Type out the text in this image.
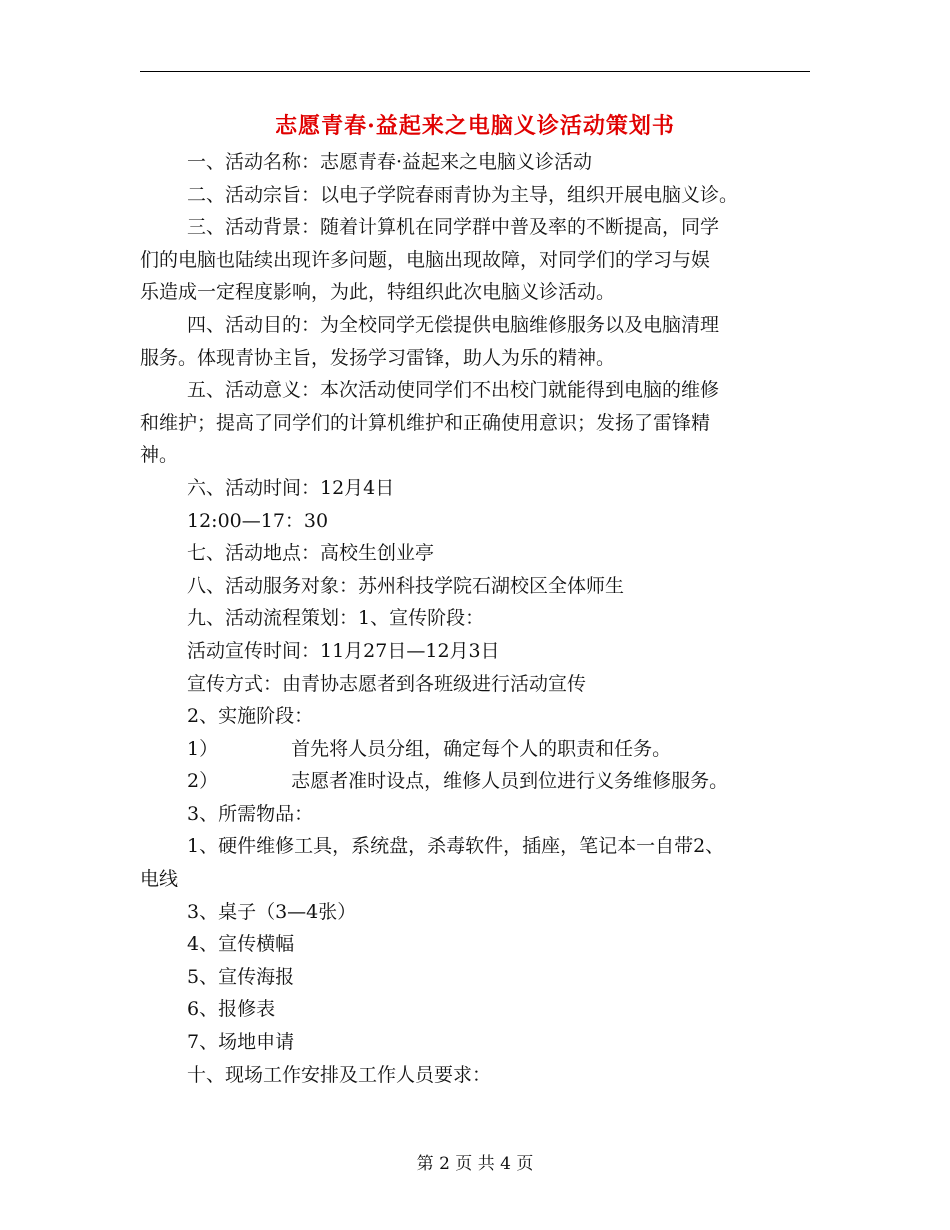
志愿青春·益起来之电脑义诊活动策划书
一、活动名称：志愿青春·益起来之电脑义诊活动
二、活动宗旨：以电子学院春雨青协为主导，组织开展电脑义诊。
三、活动背景：随着计算机在同学群中普及率的不断提高，同学
们的电脑也陆续出现许多问题，电脑出现故障，对同学们的学习与娱
乐造成一定程度影响，为此，特组织此次电脑义诊活动。
四、活动目的：为全校同学无偿提供电脑维修服务以及电脑清理
服务。体现青协主旨，发扬学习雷锋，助人为乐的精神。
五、活动意义：本次活动使同学们不出校门就能得到电脑的维修
和维护；提高了同学们的计算机维护和正确使用意识；发扬了雷锋精
神。
六、活动时间：12月4日
12:00—17：30
七、活动地点：高校生创业亭
八、活动服务对象：苏州科技学院石湖校区全体师生
九、活动流程策划：1、宣传阶段：
活动宣传时间：11月27日—12月3日
宣传方式：由青协志愿者到各班级进行活动宣传
2、实施阶段：
1）	首先将人员分组，确定每个人的职责和任务。
2）	志愿者准时设点，维修人员到位进行义务维修服务。
3、所需物品：
1、硬件维修工具，系统盘，杀毒软件，插座，笔记本一自带2、
电线
3、桌子（3—4张）
4、宣传横幅
5、宣传海报
6、报修表
7、场地申请
十、现场工作安排及工作人员要求：
第 2 页 共 4 页
